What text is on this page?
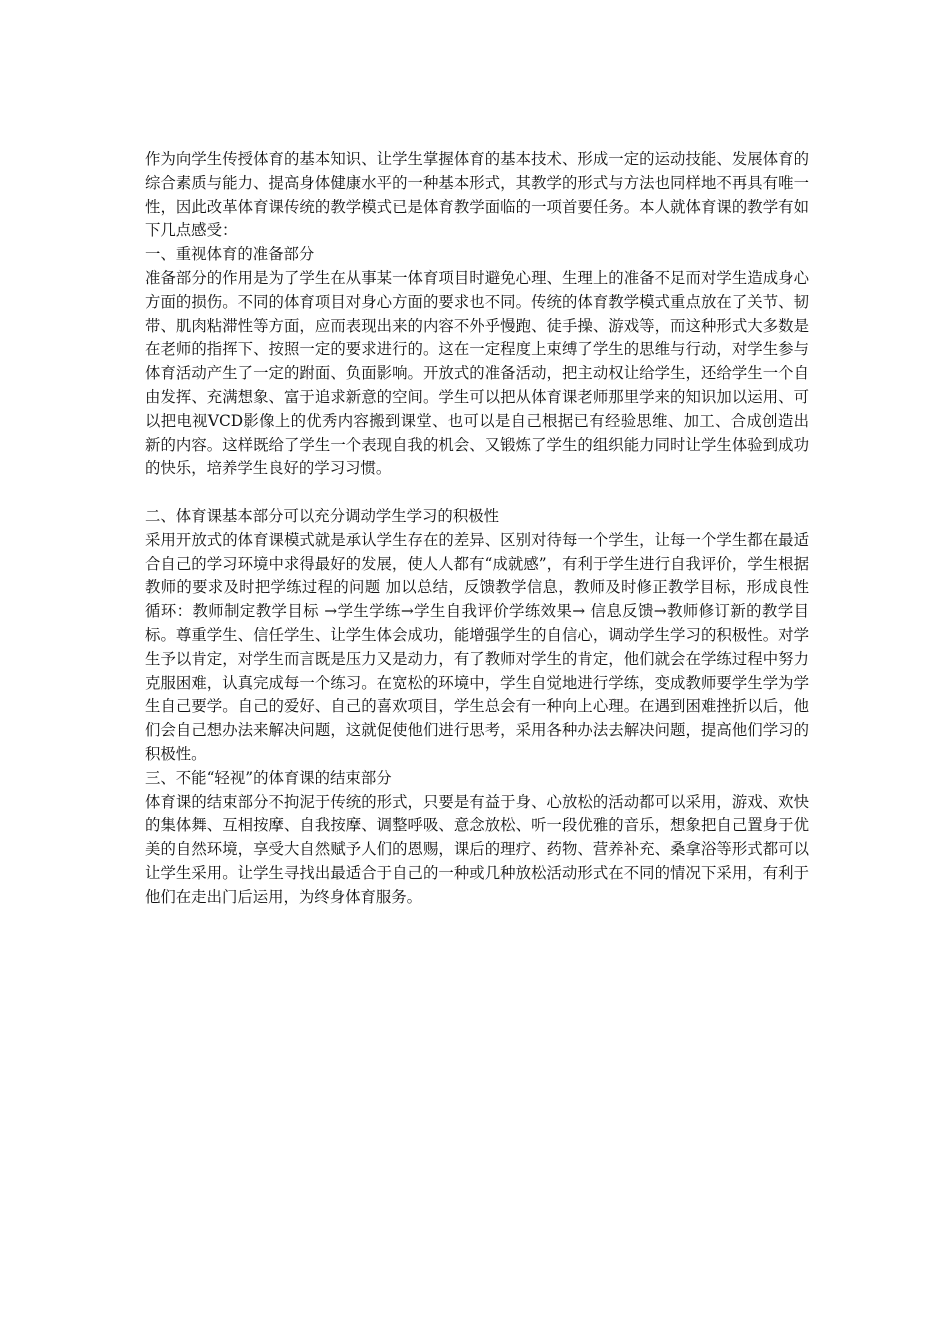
作为向学生传授体育的基本知识、让学生掌握体育的基本技术、形成一定的运动技能、发展体育的综合素质与能力、提高身体健康水平的一种基本形式，其教学的形式与方法也同样地不再具有唯一性，因此改革体育课传统的教学模式已是体育教学面临的一项首要任务。本人就体育课的教学有如下几点感受：

一、重视体育的准备部分

准备部分的作用是为了学生在从事某一体育项目时避免心理、生理上的准备不足而对学生造成身心方面的损伤。不同的体育项目对身心方面的要求也不同。传统的体育教学模式重点放在了关节、韧带、肌肉粘滞性等方面，应而表现出来的内容不外乎慢跑、徒手操、游戏等，而这种形式大多数是在老师的指挥下、按照一定的要求进行的。这在一定程度上束缚了学生的思维与行动，对学生参与体育活动产生了一定的跗面、负面影响。开放式的准备活动，把主动权让给学生，还给学生一个自由发挥、充满想象、富于追求新意的空间。学生可以把从体育课老师那里学来的知识加以运用、可以把电视VCD影像上的优秀内容搬到课堂、也可以是自己根据已有经验思维、加工、合成创造出新的内容。这样既给了学生一个表现自我的机会、又锻炼了学生的组织能力同时让学生体验到成功的快乐，培养学生良好的学习习惯。

二、体育课基本部分可以充分调动学生学习的积极性

采用开放式的体育课模式就是承认学生存在的差异、区别对待每一个学生，让每一个学生都在最适合自己的学习环境中求得最好的发展，使人人都有“成就感”，有利于学生进行自我评价，学生根据教师的要求及时把学练过程的问题 加以总结，反馈教学信息，教师及时修正教学目标，形成良性循环：教师制定教学目标 →学生学练→学生自我评价学练效果→ 信息反馈→教师修订新的教学目标。尊重学生、信任学生、让学生体会成功，能增强学生的自信心，调动学生学习的积极性。对学生予以肯定，对学生而言既是压力又是动力，有了教师对学生的肯定，他们就会在学练过程中努力克服困难，认真完成每一个练习。在宽松的环境中，学生自觉地进行学练，变成教师要学生学为学生自己要学。自己的爱好、自己的喜欢项目，学生总会有一种向上心理。在遇到困难挫折以后，他们会自己想办法来解决问题，这就促使他们进行思考，采用各种办法去解决问题，提高他们学习的积极性。

三、不能“轻视”的体育课的结束部分

体育课的结束部分不拘泥于传统的形式，只要是有益于身、心放松的活动都可以采用，游戏、欢快的集体舞、互相按摩、自我按摩、调整呼吸、意念放松、听一段优雅的音乐，想象把自己置身于优美的自然环境，享受大自然赋予人们的恩赐，课后的理疗、药物、营养补充、桑拿浴等形式都可以让学生采用。让学生寻找出最适合于自己的一种或几种放松活动形式在不同的情况下采用，有利于他们在走出门后运用，为终身体育服务。
